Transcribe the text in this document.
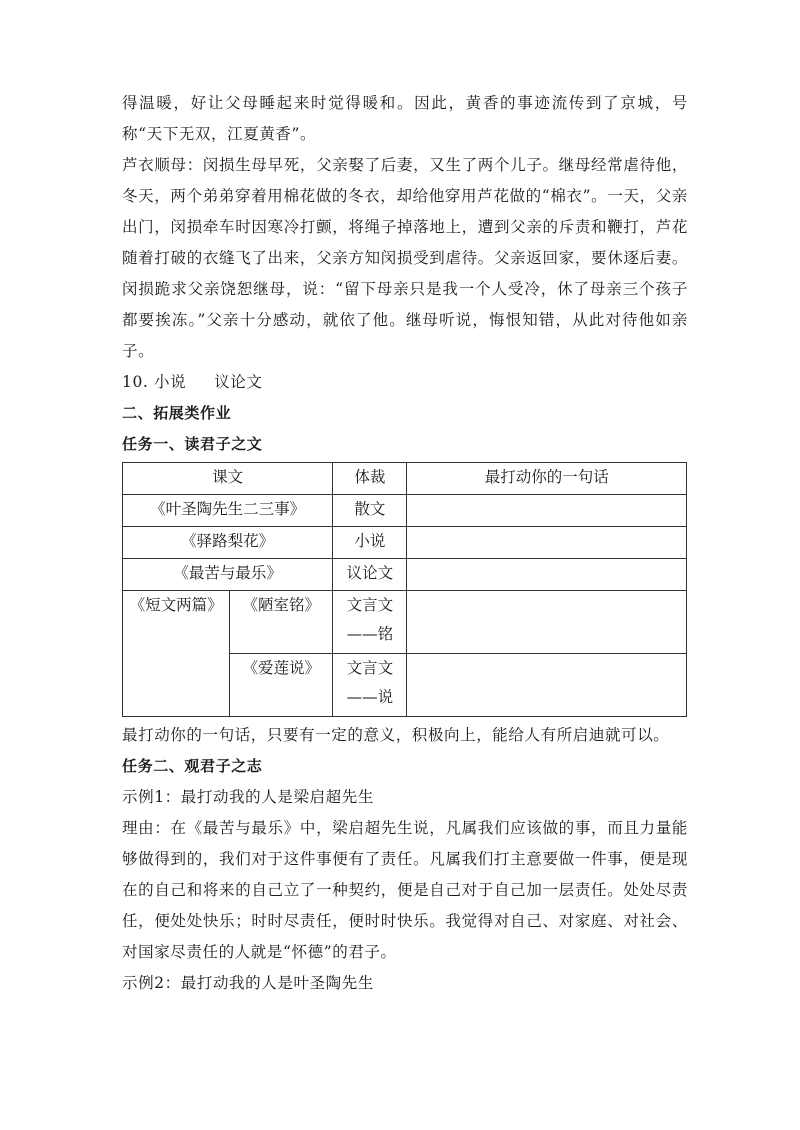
得温暖，好让父母睡起来时觉得暖和。因此，黄香的事迹流传到了京城，号称“天下无双，江夏黄香”。

芦衣顺母：闵损生母早死，父亲娶了后妻，又生了两个儿子。继母经常虐待他，冬天，两个弟弟穿着用棉花做的冬衣，却给他穿用芦花做的“棉衣”。一天，父亲出门，闵损牵车时因寒冷打颤，将绳子掉落地上，遭到父亲的斥责和鞭打，芦花随着打破的衣缝飞了出来，父亲方知闵损受到虐待。父亲返回家，要休逐后妻。闵损跪求父亲饶恕继母，说：“留下母亲只是我一个人受冷，休了母亲三个孩子都要挨冻。”父亲十分感动，就依了他。继母听说，悔恨知错，从此对待他如亲子。

10. 小说 议论文

二、拓展类作业

任务一、读君子之文

课文		体裁	最打动你的一句话
《叶圣陶先生二三事》		散文	
《驿路梨花》		小说	
《最苦与最乐》		议论文	
《短文两篇》	《陋室铭》	文言文
——铭	

	《爱莲说》	文言文
——说	

最打动你的一句话，只要有一定的意义，积极向上，能给人有所启迪就可以。

任务二、观君子之志

示例1：最打动我的人是梁启超先生

理由：在《最苦与最乐》中，梁启超先生说，凡属我们应该做的事，而且力量能够做得到的，我们对于这件事便有了责任。凡属我们打主意要做一件事，便是现在的自己和将来的自己立了一种契约，便是自己对于自己加一层责任。处处尽责任，便处处快乐；时时尽责任，便时时快乐。我觉得对自己、对家庭、对社会、对国家尽责任的人就是“怀德”的君子。

示例2：最打动我的人是叶圣陶先生
